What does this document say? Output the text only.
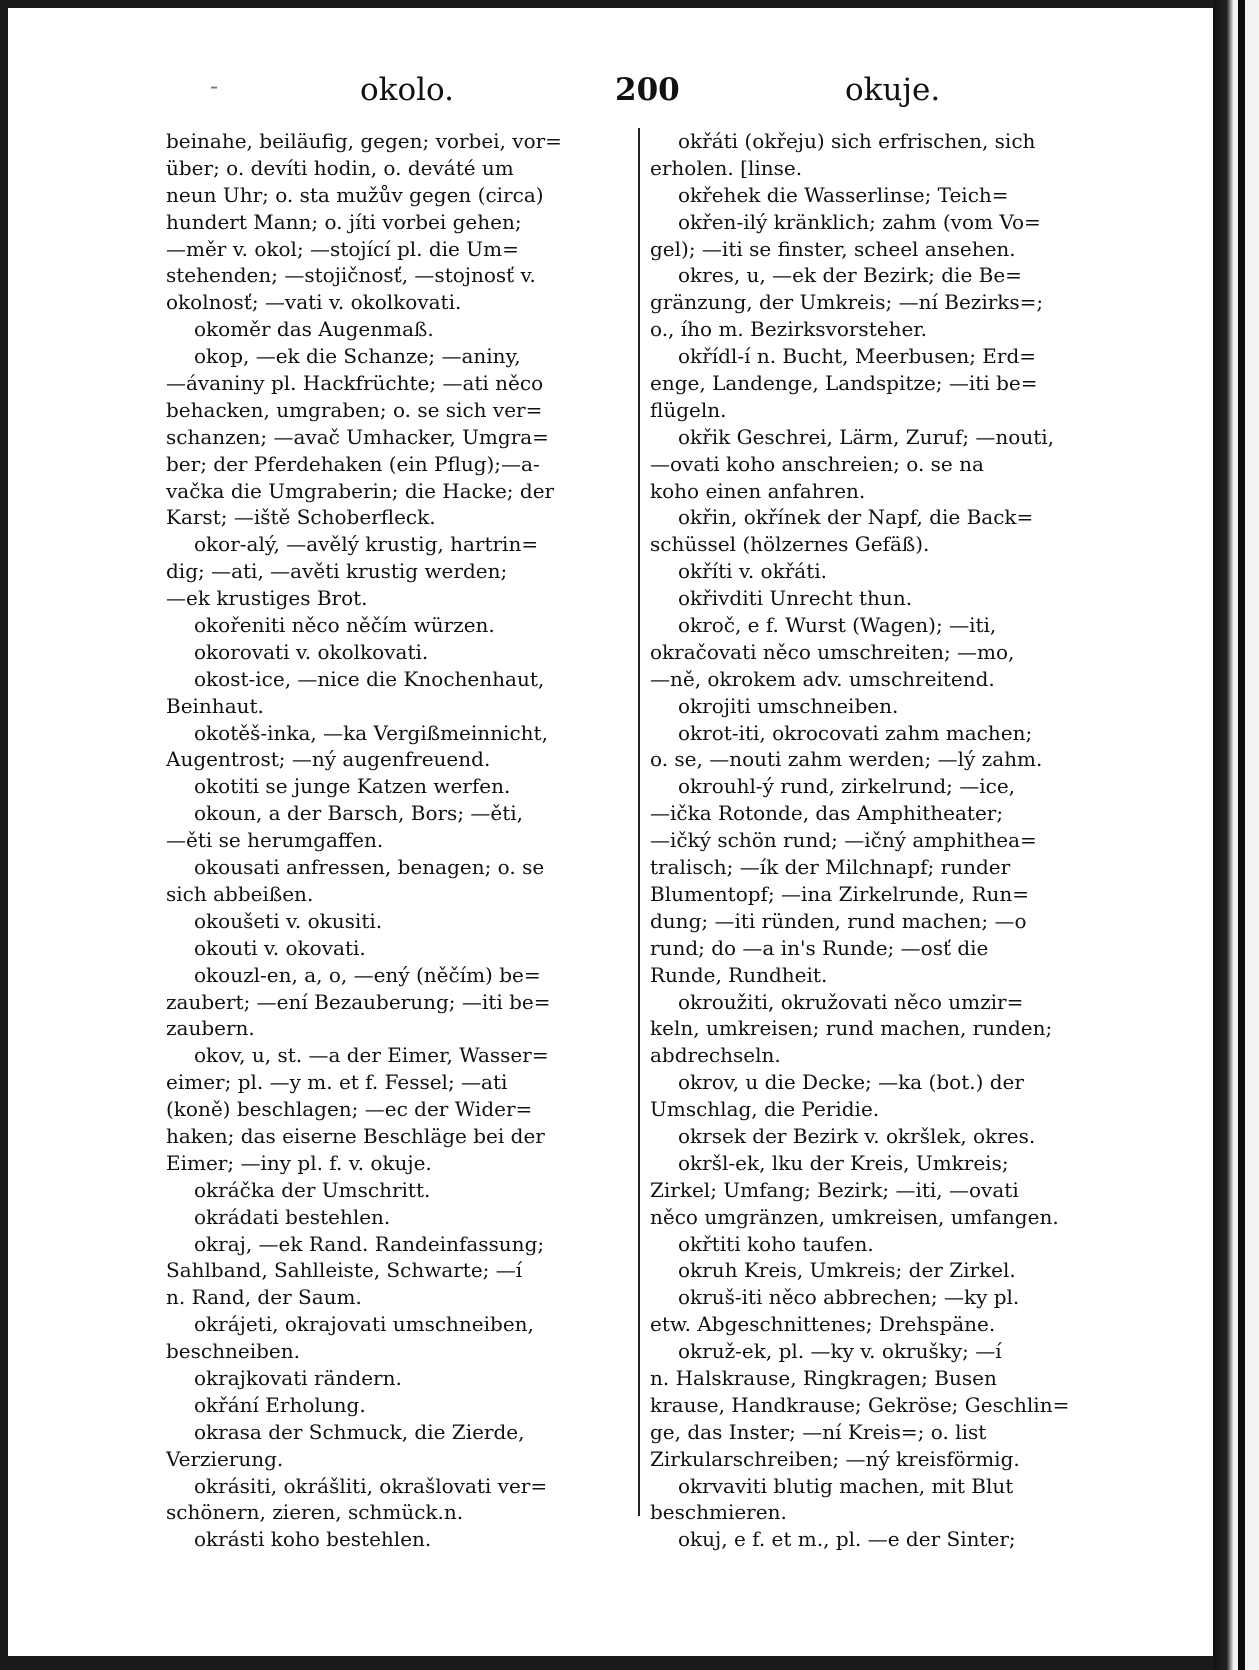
-	okolo.	200	okuje.
beinahe, beiläufig, gegen; vorbei, vor=
über; o. devíti hodin, o. deváté um
neun Uhr; o. sta mužův gegen (circa)
hundert Mann; o. jíti vorbei gehen;
—měr v. okol; —stojící pl. die Um=
stehenden; —stojičnosť, —stojnosť v.
okolnosť; —vati v. okolkovati.
okoměr das Augenmaß.
okop, —ek die Schanze; —aniny,
—ávaniny pl. Hackfrüchte; —ati něco
behacken, umgraben; o. se sich ver=
schanzen; —avač Umhacker, Umgra=
ber; der Pferdehaken (ein Pflug);—a-
vačka die Umgraberin; die Hacke; der
Karst; —iště Schoberfleck.
okor-alý, —avělý krustig, hartrin=
dig; —ati, —avěti krustig werden;
—ek krustiges Brot.
okořeniti něco něčím würzen.
okorovati v. okolkovati.
okost-ice, —nice die Knochenhaut,
Beinhaut.
okotěš-inka, —ka Vergißmeinnicht,
Augentrost; —ný augenfreuend.
okotiti se junge Katzen werfen.
okoun, a der Barsch, Bors; —ěti,
—ěti se herumgaffen.
okousati anfressen, benagen; o. se
sich abbeißen.
okoušeti v. okusiti.
okouti v. okovati.
okouzl-en, a, o, —ený (něčím) be=
zaubert; —ení Bezauberung; —iti be=
zaubern.
okov, u, st. —a der Eimer, Wasser=
eimer; pl. —y m. et f. Fessel; —ati
(koně) beschlagen; —ec der Wider=
haken; das eiserne Beschläge bei der
Eimer; —iny pl. f. v. okuje.
okráčka der Umschritt.
okrádati bestehlen.
okraj, —ek Rand. Randeinfassung;
Sahlband, Sahlleiste, Schwarte; —í
n. Rand, der Saum.
okrájeti, okrajovati umschneiben,
beschneiben.
okrajkovati rändern.
okřání Erholung.
okrasa der Schmuck, die Zierde,
Verzierung.
okrásiti, okrášliti, okrašlovati ver=
schönern, zieren, schmück.n.
okrásti koho bestehlen.
okřáti (okřeju) sich erfrischen, sich
erholen. [linse.
okřehek die Wasserlinse; Teich=
okřen-ilý kränklich; zahm (vom Vo=
gel); —iti se finster, scheel ansehen.
okres, u, —ek der Bezirk; die Be=
gränzung, der Umkreis; —ní Bezirks=;
o., ího m. Bezirksvorsteher.
okřídl-í n. Bucht, Meerbusen; Erd=
enge, Landenge, Landspitze; —iti be=
flügeln.
okřik Geschrei, Lärm, Zuruf; —nouti,
—ovati koho anschreien; o. se na
koho einen anfahren.
okřin, okřínek der Napf, die Back=
schüssel (hölzernes Gefäß).
okříti v. okřáti.
okřivditi Unrecht thun.
okroč, e f. Wurst (Wagen); —iti,
okračovati něco umschreiten; —mo,
—ně, okrokem adv. umschreitend.
okrojiti umschneiben.
okrot-iti, okrocovati zahm machen;
o. se, —nouti zahm werden; —lý zahm.
okrouhl-ý rund, zirkelrund; —ice,
—ička Rotonde, das Amphitheater;
—ičký schön rund; —ičný amphithea=
tralisch; —ík der Milchnapf; runder
Blumentopf; —ina Zirkelrunde, Run=
dung; —iti ründen, rund machen; —o
rund; do —a in's Runde; —osť die
Runde, Rundheit.
okroužiti, okružovati něco umzir=
keln, umkreisen; rund machen, runden;
abdrechseln.
okrov, u die Decke; —ka (bot.) der
Umschlag, die Peridie.
okrsek der Bezirk v. okršlek, okres.
okršl-ek, lku der Kreis, Umkreis;
Zirkel; Umfang; Bezirk; —iti, —ovati
něco umgränzen, umkreisen, umfangen.
okřtiti koho taufen.
okruh Kreis, Umkreis; der Zirkel.
okruš-iti něco abbrechen; —ky pl.
etw. Abgeschnittenes; Drehspäne.
okruž-ek, pl. —ky v. okrušky; —í
n. Halskrause, Ringkragen; Busen
krause, Handkrause; Gekröse; Geschlin=
ge, das Inster; —ní Kreis=; o. list
Zirkularschreiben; —ný kreisförmig.
okrvaviti blutig machen, mit Blut
beschmieren.
okuj, e f. et m., pl. —e der Sinter;
